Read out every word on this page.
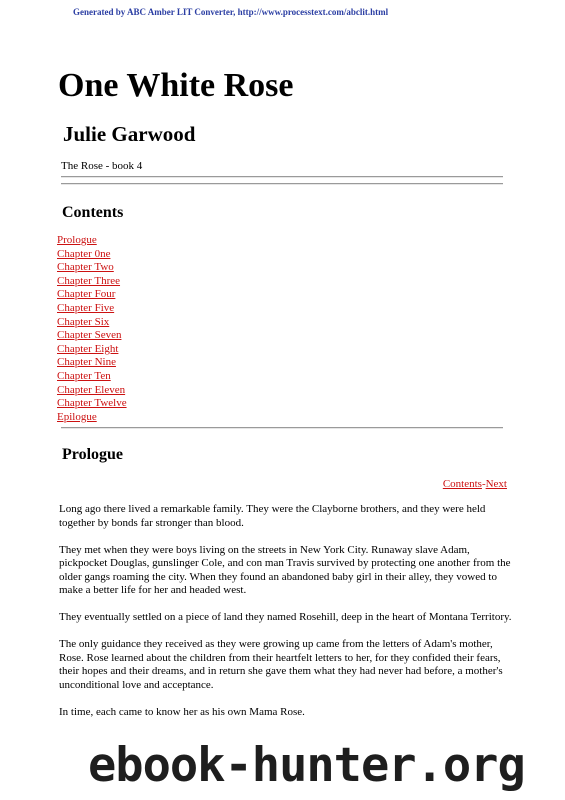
Generated by ABC Amber LIT Converter, http://www.processtext.com/abclit.html
One White Rose
Julie Garwood
The Rose - book 4
Contents
Prologue
Chapter 0ne
Chapter Two
Chapter Three
Chapter Four
Chapter Five
Chapter Six
Chapter Seven
Chapter Eight
Chapter Nine
Chapter Ten
Chapter Eleven
Chapter Twelve
Epilogue
Prologue
Contents-Next

Long ago there lived a remarkable family. They were the Clayborne brothers, and they were held together by bonds far stronger than blood.

They met when they were boys living on the streets in New York City. Runaway slave Adam, pickpocket Douglas, gunslinger Cole, and con man Travis survived by protecting one another from the older gangs roaming the city. When they found an abandoned baby girl in their alley, they vowed to make a better life for her and headed west.

They eventually settled on a piece of land they named Rosehill, deep in the heart of Montana Territory.

The only guidance they received as they were growing up came from the letters of Adam's mother, Rose. Rose learned about the children from their heartfelt letters to her, for they confided their fears, their hopes and their dreams, and in return she gave them what they had never had before, a mother's unconditional love and acceptance.

In time, each came to know her as his own Mama Rose.

ebook-hunter.org
